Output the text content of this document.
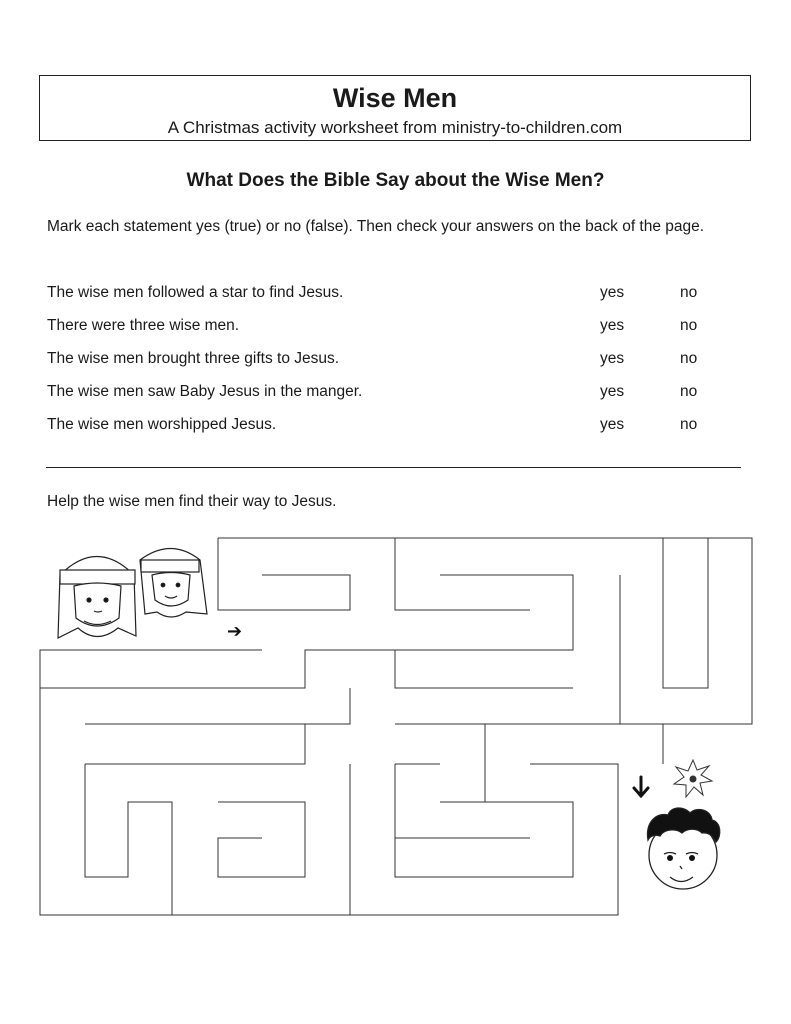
Wise Men
A Christmas activity worksheet from ministry-to-children.com
What Does the Bible Say about the Wise Men?
Mark each statement yes (true) or no (false). Then check your answers on the back of the page.
The wise men followed a star to find Jesus.	yes	no
There were three wise men.	yes	no
The wise men brought three gifts to Jesus.	yes	no
The wise men saw Baby Jesus in the manger.	yes	no
The wise men worshipped Jesus.	yes	no
Help the wise men find their way to Jesus.
➔
